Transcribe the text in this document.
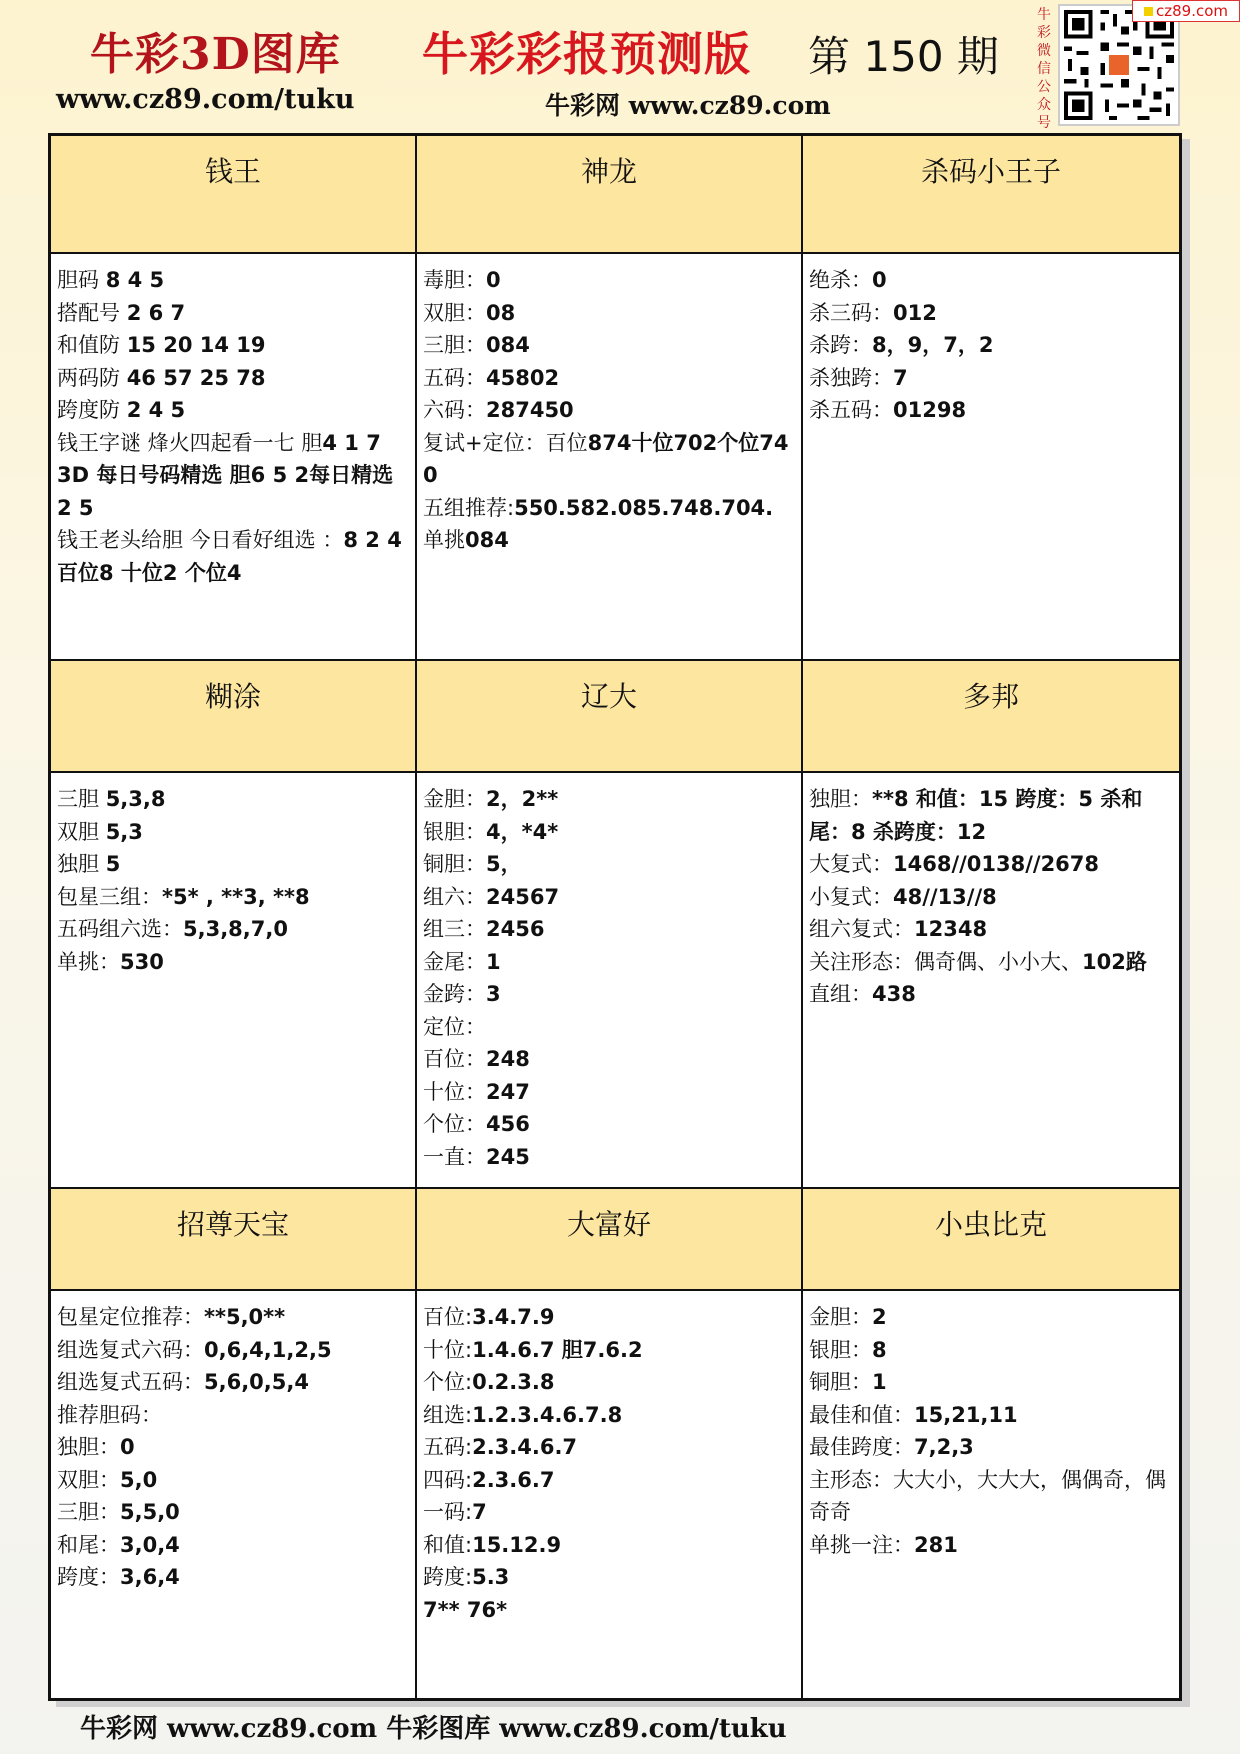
牛彩3D图库
www.cz89.com/tuku
牛彩彩报预测版
牛彩网 www.cz89.com
第 150 期
牛彩微信公众号
cz89.com
钱王
胆码 8 4 5
搭配号 2 6 7
和值防 15 20 14 19
两码防 46 57 25 78
跨度防 2 4 5
钱王字谜 烽火四起看一七 胆4 1 7
3D 每日号码精选 胆6 5 2每日精选 2 5
钱王老头给胆 今日看好组选 ：8 2 4百位8 十位2 个位4
神龙
毒胆：0
双胆：08
三胆：084
五码：45802
六码：287450
复试+定位：百位874十位702个位740
五组推荐:550.582.085.748.704.
单挑084
杀码小王子
绝杀：0
杀三码：012
杀跨：8，9，7，2
杀独跨：7
杀五码：01298
糊涂
三胆 5,3,8
双胆 5,3
独胆 5
包星三组：*5* , **3, **8
五码组六选：5,3,8,7,0
单挑：530
辽大
金胆：2，2**
银胆：4，*4*
铜胆：5，
组六：24567
组三：2456
金尾：1
金跨：3
定位：
百位：248
十位：247
个位：456
一直：245
多邦
独胆：**8 和值：15 跨度：5 杀和尾：8 杀跨度：12
大复式：1468//0138//2678
小复式：48//13//8
组六复式：12348
关注形态：偶奇偶、小小大、102路
直组：438
招尊天宝
包星定位推荐：**5,0**
组选复式六码：0,6,4,1,2,5
组选复式五码：5,6,0,5,4
推荐胆码：
独胆：0
双胆：5,0
三胆：5,5,0
和尾：3,0,4
跨度：3,6,4
大富好
百位:3.4.7.9
十位:1.4.6.7 胆7.6.2
个位:0.2.3.8
组选:1.2.3.4.6.7.8
五码:2.3.4.6.7
四码:2.3.6.7
一码:7
和值:15.12.9
跨度:5.3
7** 76*
小虫比克
金胆：2
银胆：8
铜胆：1
最佳和值：15,21,11
最佳跨度：7,2,3
主形态：大大小，大大大，偶偶奇，偶奇奇
单挑一注：281
牛彩网 www.cz89.com 牛彩图库 www.cz89.com/tuku
